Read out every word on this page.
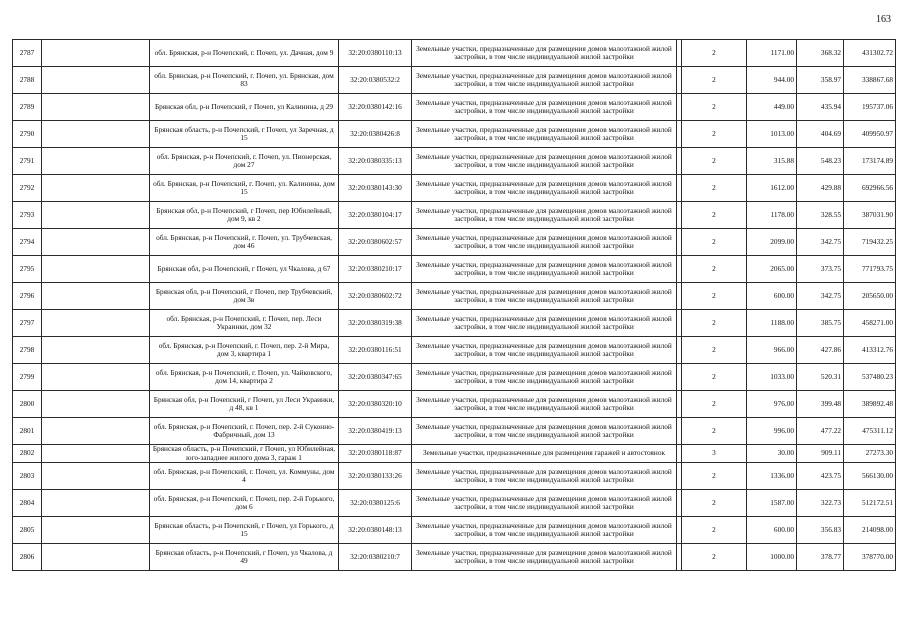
163
2787		обл. Брянская, р-н Почепский, г. Почеп, ул. Дачная, дом 9	32:20:0380110:13	Земельные участки, предназначенные для размещения домов малоэтажной жилой застройки, в том числе индивидуальной жилой застройки		2	1171.00	368.32	431302.72
2788		обл. Брянская, р-н Почепский, г. Почеп, ул. Брянская, дом 83	32:20:0380532:2	Земельные участки, предназначенные для размещения домов малоэтажной жилой застройки, в том числе индивидуальной жилой застройки		2	944.00	358.97	338867.68
2789		Брянская обл, р-н Почепский, г Почеп, ул Калинина, д 29	32:20:0380142:16	Земельные участки, предназначенные для размещения домов малоэтажной жилой застройки, в том числе индивидуальной жилой застройки		2	449.00	435.94	195737.06
2790		Брянская область, р-н Почепский, г Почеп, ул Заречная, д 15	32:20:0380426:8	Земельные участки, предназначенные для размещения домов малоэтажной жилой застройки, в том числе индивидуальной жилой застройки		2	1013.00	404.69	409950.97
2791		обл. Брянская, р-н Почепский, г. Почеп, ул. Пионерская, дом 27	32:20:0380335:13	Земельные участки, предназначенные для размещения домов малоэтажной жилой застройки, в том числе индивидуальной жилой застройки		2	315.88	548.23	173174.89
2792		обл. Брянская, р-н Почепский, г. Почеп, ул. Калинина, дом 15	32:20:0380143:30	Земельные участки, предназначенные для размещения домов малоэтажной жилой застройки, в том числе индивидуальной жилой застройки		2	1612.00	429.88	692966.56
2793		Брянская обл, р-н Почепский, г Почеп, пер Юбилейный, дом 9, кв 2	32:20:0380104:17	Земельные участки, предназначенные для размещения домов малоэтажной жилой застройки, в том числе индивидуальной жилой застройки		2	1178.00	328.55	387031.90
2794		обл. Брянская, р-н Почепский, г. Почеп, ул. Трубчевская, дом 46	32:20:0380602:57	Земельные участки, предназначенные для размещения домов малоэтажной жилой застройки, в том числе индивидуальной жилой застройки		2	2099.00	342.75	719432.25
2795		Брянская обл, р-н Почепский, г Почеп, ул Чкалова, д 67	32:20:0380210:17	Земельные участки, предназначенные для размещения домов малоэтажной жилой застройки, в том числе индивидуальной жилой застройки		2	2065.00	373.75	771793.75
2796		Брянская обл, р-н Почепский, г Почеп, пер Трубчевский, дом 3в	32:20:0380602:72	Земельные участки, предназначенные для размещения домов малоэтажной жилой застройки, в том числе индивидуальной жилой застройки		2	600.00	342.75	205650.00
2797		обл. Брянская, р-н Почепский, г. Почеп, пер. Леси Украинки, дом 32	32:20:0380319:38	Земельные участки, предназначенные для размещения домов малоэтажной жилой застройки, в том числе индивидуальной жилой застройки		2	1188.00	385.75	458271.00
2798		обл. Брянская, р-н Почепский, г. Почеп, пер. 2-й Мира, дом 3, квартира 1	32:20:0380116:51	Земельные участки, предназначенные для размещения домов малоэтажной жилой застройки, в том числе индивидуальной жилой застройки		2	966.00	427.86	413312.76
2799		обл. Брянская, р-н Почепский, г. Почеп, ул. Чайковского, дом 14, квартира 2	32:20:0380347:65	Земельные участки, предназначенные для размещения домов малоэтажной жилой застройки, в том числе индивидуальной жилой застройки		2	1033.00	520.31	537480.23
2800		Брянская обл, р-н Почепский, г Почеп, ул Леси Украинки, д 48, кв 1	32:20:0380320:10	Земельные участки, предназначенные для размещения домов малоэтажной жилой застройки, в том числе индивидуальной жилой застройки		2	976.00	399.48	389892.48
2801		обл. Брянская, р-н Почепский, г. Почеп, пер. 2-й Суконно-Фабричный, дом 13	32:20:0380419:13	Земельные участки, предназначенные для размещения домов малоэтажной жилой застройки, в том числе индивидуальной жилой застройки		2	996.00	477.22	475311.12
2802		Брянская область, р-н Почепский, г Почеп, ул Юбилейная, юго-западнее жилого дома 3, гараж 1	32:20:0380118:87	Земельные участки, предназначенные для размещения гаражей и автостоянок		3	30.00	909.11	27273.30
2803		обл. Брянская, р-н Почепский, г. Почеп, ул. Коммуны, дом 4	32:20:0380133:26	Земельные участки, предназначенные для размещения домов малоэтажной жилой застройки, в том числе индивидуальной жилой застройки		2	1336.00	423.75	566130.00
2804		обл. Брянская, р-н Почепский, г. Почеп, пер. 2-й Горького, дом 6	32:20:0380125:6	Земельные участки, предназначенные для размещения домов малоэтажной жилой застройки, в том числе индивидуальной жилой застройки		2	1587.00	322.73	512172.51
2805		Брянская область, р-н Почепский, г Почеп, ул Горького, д 15	32:20:0380148:13	Земельные участки, предназначенные для размещения домов малоэтажной жилой застройки, в том числе индивидуальной жилой застройки		2	600.00	356.83	214098.00
2806		Брянская область, р-н Почепский, г Почеп, ул Чкалова, д 49	32:20:0380210:7	Земельные участки, предназначенные для размещения домов малоэтажной жилой застройки, в том числе индивидуальной жилой застройки		2	1000.00	378.77	378770.00
